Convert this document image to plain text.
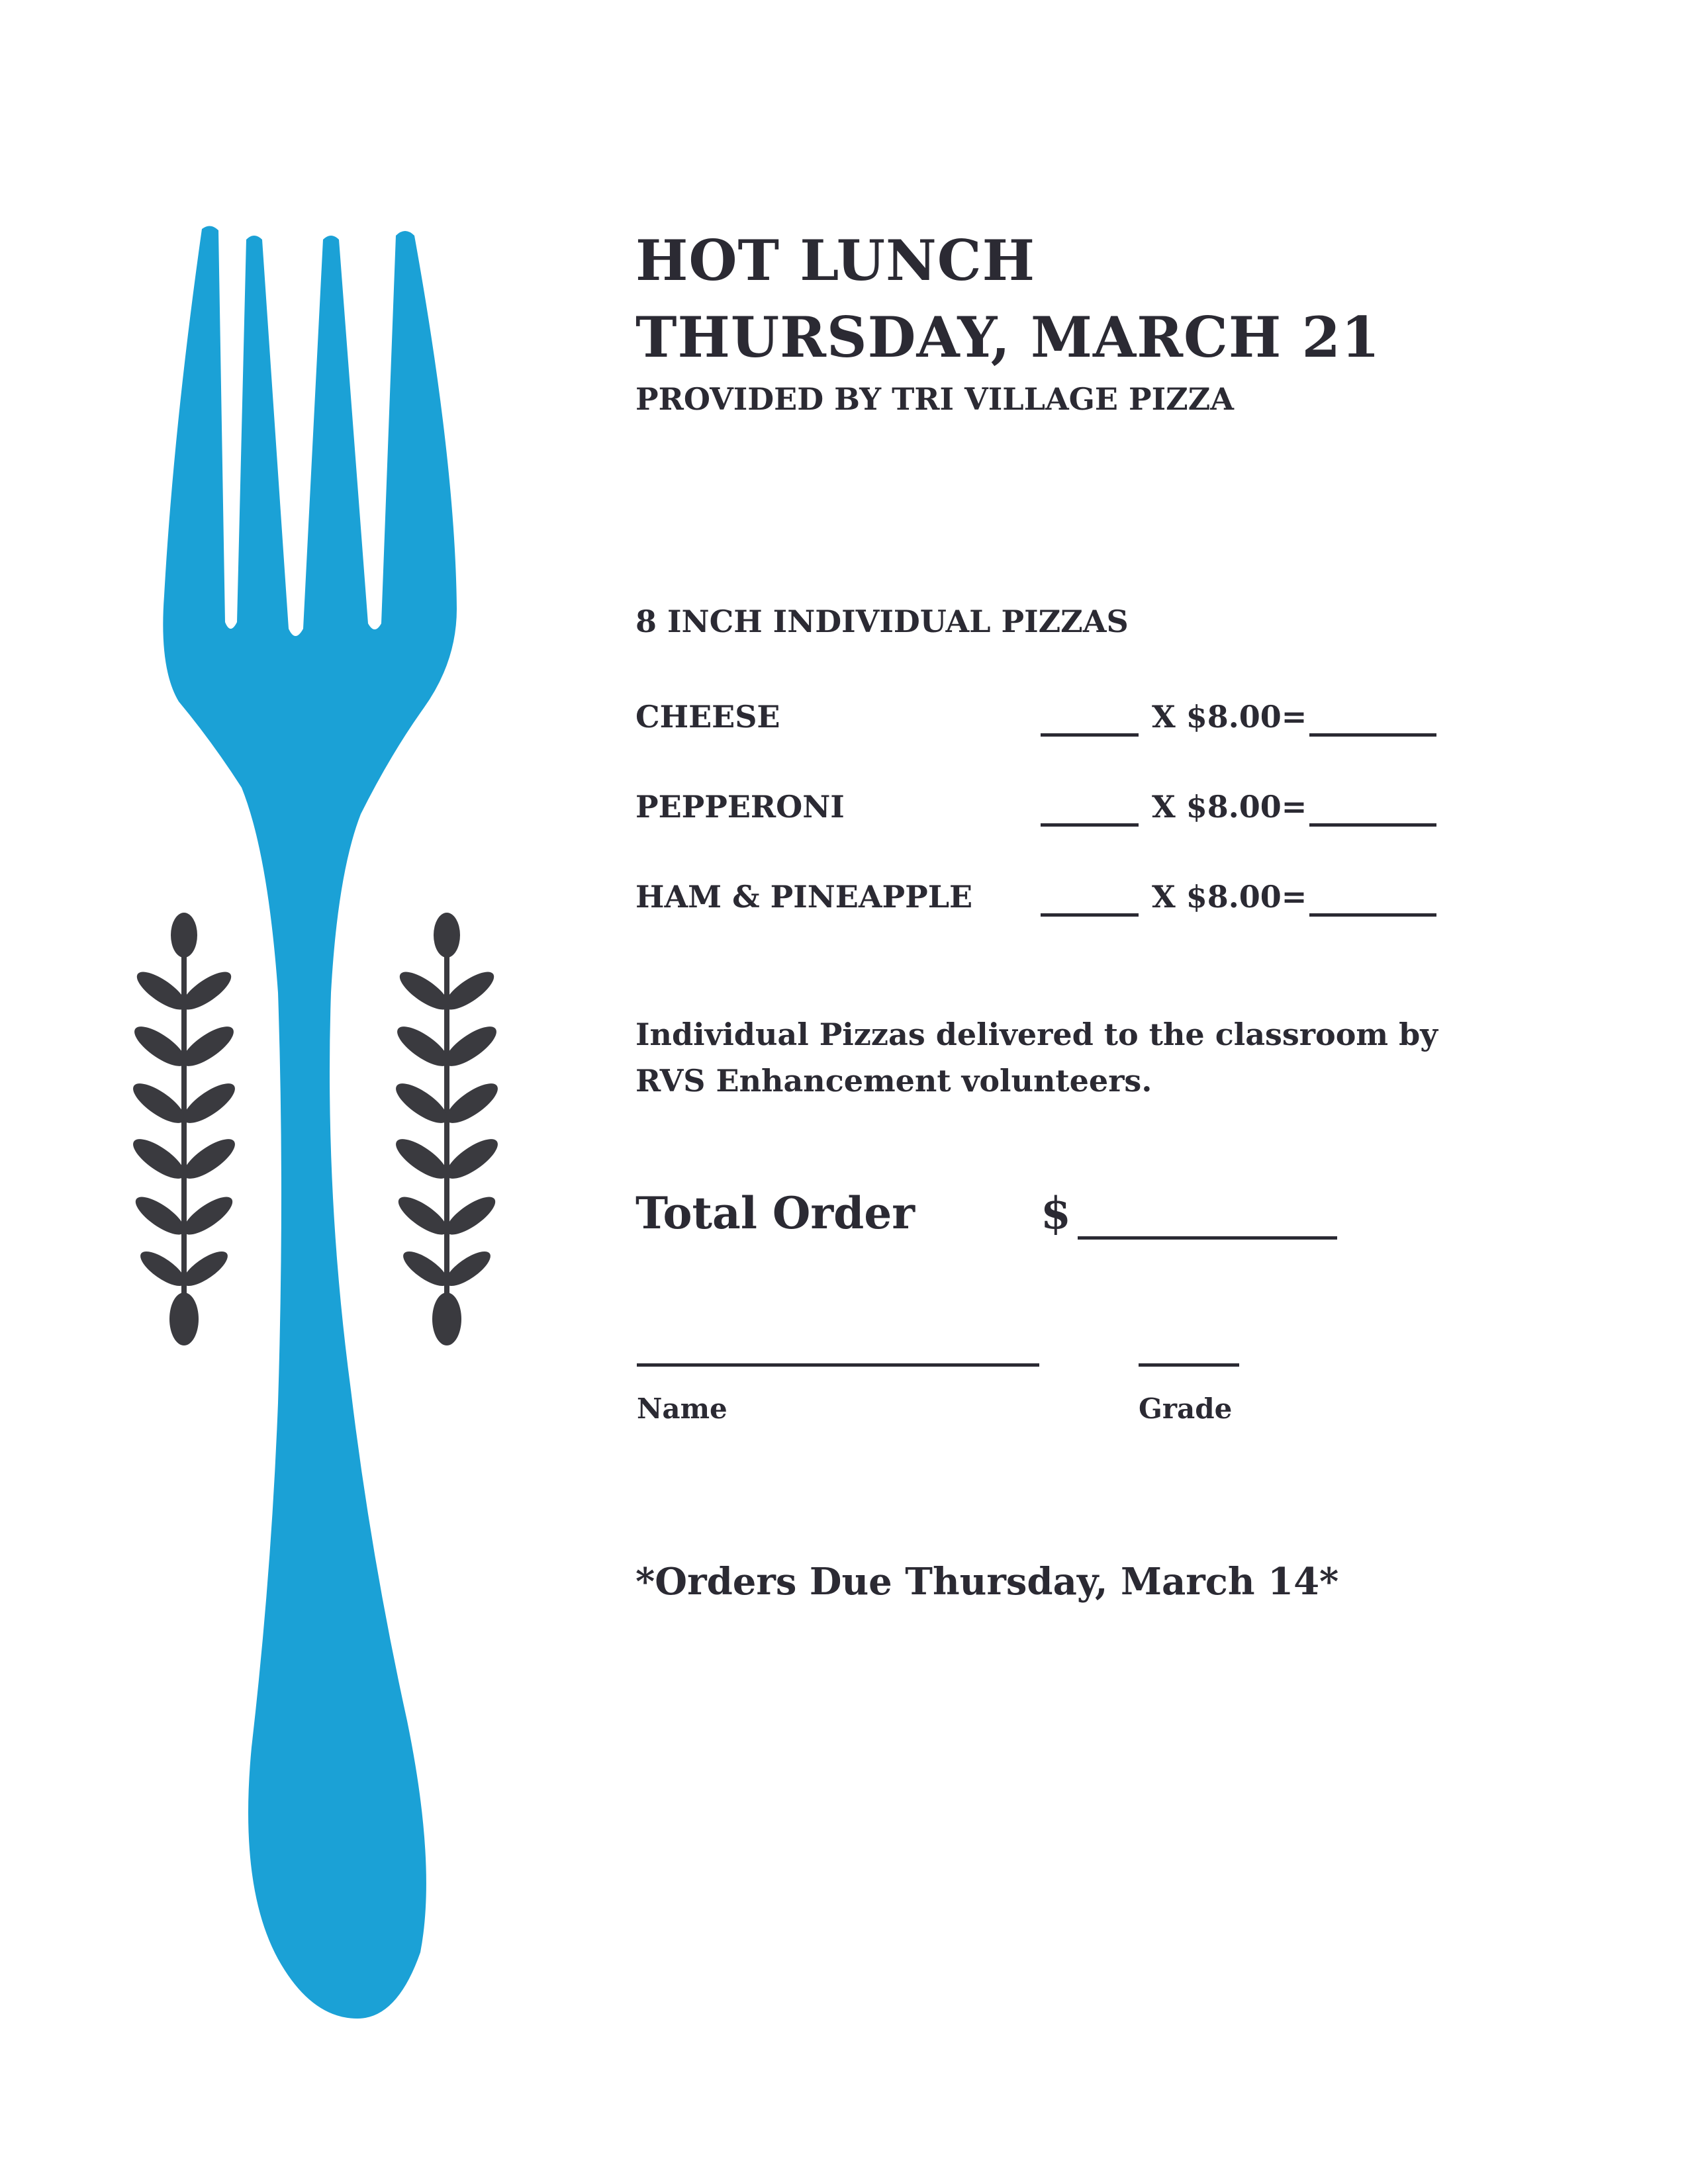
HOT LUNCH
THURSDAY, MARCH 21
PROVIDED BY TRI VILLAGE PIZZA
8 INCH INDIVIDUAL PIZZAS
CHEESE	X $8.00=
PEPPERONI	X $8.00=
HAM & PINEAPPLE	X $8.00=
Individual Pizzas delivered to the classroom by
RVS Enhancement volunteers.
Total Order	$
Name	Grade
*Orders Due Thursday, March 14*
